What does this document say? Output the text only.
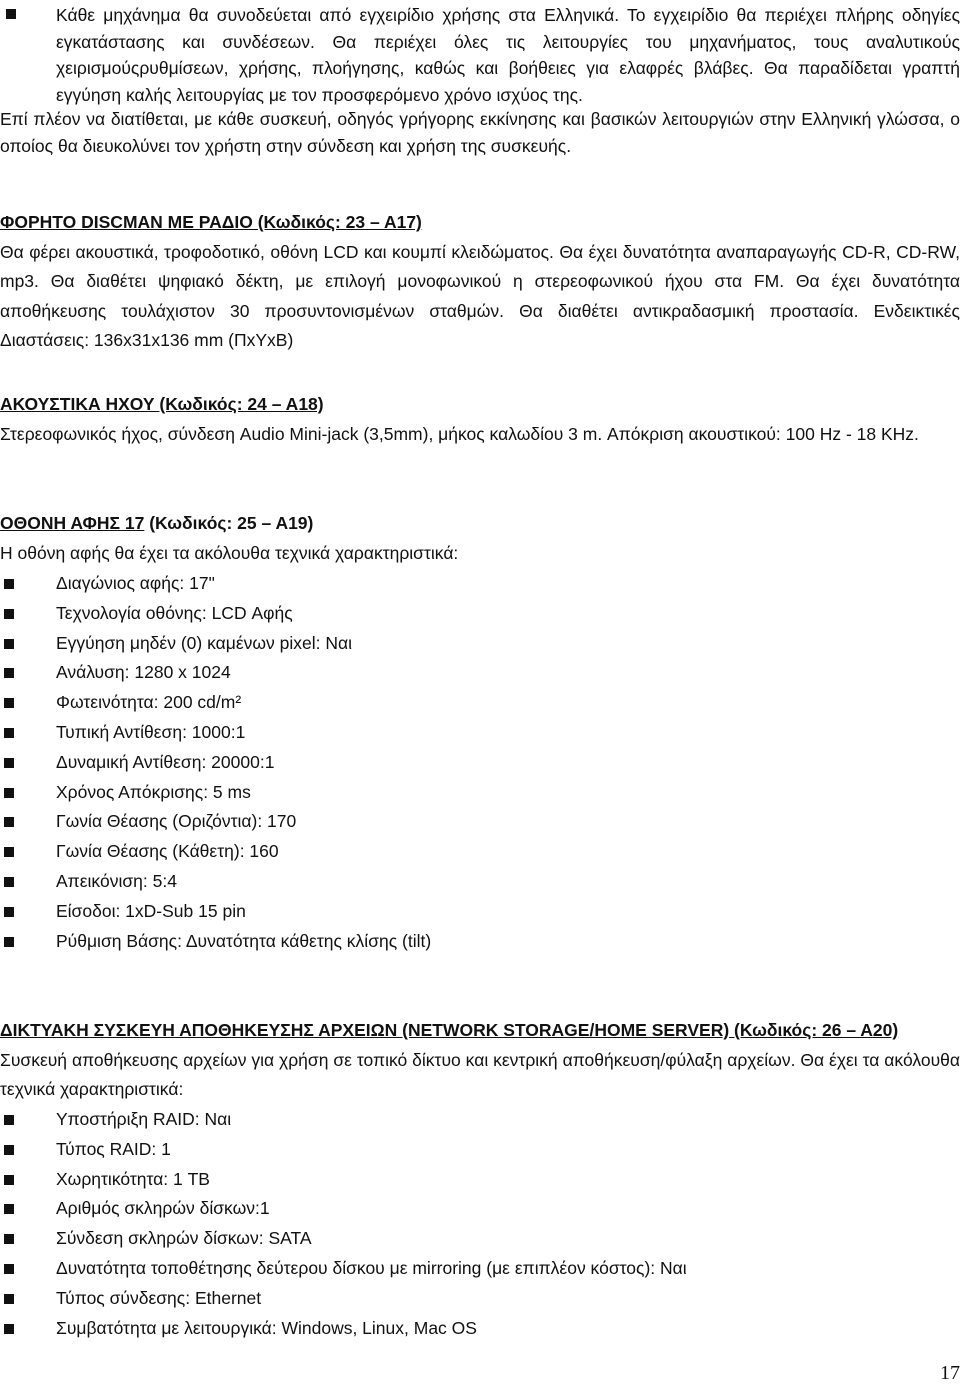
Κάθε μηχάνημα θα συνοδεύεται από εγχειρίδιο χρήσης στα Ελληνικά. Το εγχειρίδιο θα περιέχει πλήρης οδηγίες εγκατάστασης και συνδέσεων. Θα περιέχει όλες τις λειτουργίες του μηχανήματος, τους αναλυτικούς χειρισμούςρυθμίσεων, χρήσης, πλοήγησης, καθώς και βοήθειες για ελαφρές βλάβες. Θα παραδίδεται γραπτή εγγύηση καλής λειτουργίας με τον προσφερόμενο χρόνο ισχύος της.
Επί πλέον να διατίθεται, με κάθε συσκευή, οδηγός γρήγορης εκκίνησης και βασικών λειτουργιών στην Ελληνική γλώσσα, ο οποίος θα διευκολύνει τον χρήστη στην σύνδεση και χρήση της συσκευής.
ΦΟΡΗΤΟ DISCMAN ΜΕ ΡΑΔΙΟ (Κωδικός: 23 – Α17)
Θα φέρει ακουστικά, τροφοδοτικό, οθόνη LCD και κουμπί κλειδώματος. Θα έχει δυνατότητα αναπαραγωγής CD-R, CD-RW, mp3. Θα διαθέτει ψηφιακό δέκτη, με επιλογή μονοφωνικού η στερεοφωνικού ήχου στα FM. Θα έχει δυνατότητα αποθήκευσης τουλάχιστον 30 προσυντονισμένων σταθμών. Θα διαθέτει αντικραδασμική προστασία. Ενδεικτικές Διαστάσεις: 136x31x136 mm (ΠxΥxΒ)
ΑΚΟΥΣΤΙΚΑ ΗΧΟΥ (Κωδικός: 24 – Α18)
Στερεοφωνικός ήχος, σύνδεση Audio Mini-jack (3,5mm), μήκος καλωδίου 3 m. Απόκριση ακουστικού: 100 Hz - 18 KHz.
ΟΘΟΝΗ ΑΦΗΣ 17 (Κωδικός: 25 – Α19)
Η οθόνη αφής θα έχει τα ακόλουθα τεχνικά χαρακτηριστικά:
Διαγώνιος αφής: 17"
Τεχνολογία οθόνης: LCD Αφής
Εγγύηση μηδέν (0) καμένων pixel: Ναι
Ανάλυση: 1280 x 1024
Φωτεινότητα: 200 cd/m²
Τυπική Αντίθεση: 1000:1
Δυναμική Αντίθεση: 20000:1
Χρόνος Απόκρισης: 5 ms
Γωνία Θέασης (Οριζόντια): 170
Γωνία Θέασης (Κάθετη): 160
Απεικόνιση: 5:4
Είσοδοι: 1xD-Sub 15 pin
Ρύθμιση Βάσης: Δυνατότητα κάθετης κλίσης (tilt)
ΔΙΚΤΥΑΚΗ ΣΥΣΚΕΥΗ ΑΠΟΘΗΚΕΥΣΗΣ ΑΡΧΕΙΩΝ (NETWORK STORAGE/HOME SERVER) (Κωδικός: 26 – Α20)
Συσκευή αποθήκευσης αρχείων για χρήση σε τοπικό δίκτυο και κεντρική αποθήκευση/φύλαξη αρχείων. Θα έχει τα ακόλουθα τεχνικά χαρακτηριστικά:
Υποστήριξη RAID: Ναι
Τύπος RAID: 1
Χωρητικότητα: 1 TB
Αριθμός σκληρών δίσκων:1
Σύνδεση σκληρών δίσκων: SATA
Δυνατότητα τοποθέτησης δεύτερου δίσκου με mirroring (με επιπλέον κόστος): Ναι
Τύπος σύνδεσης: Ethernet
Συμβατότητα με λειτουργικά: Windows, Linux, Mac OS
17
